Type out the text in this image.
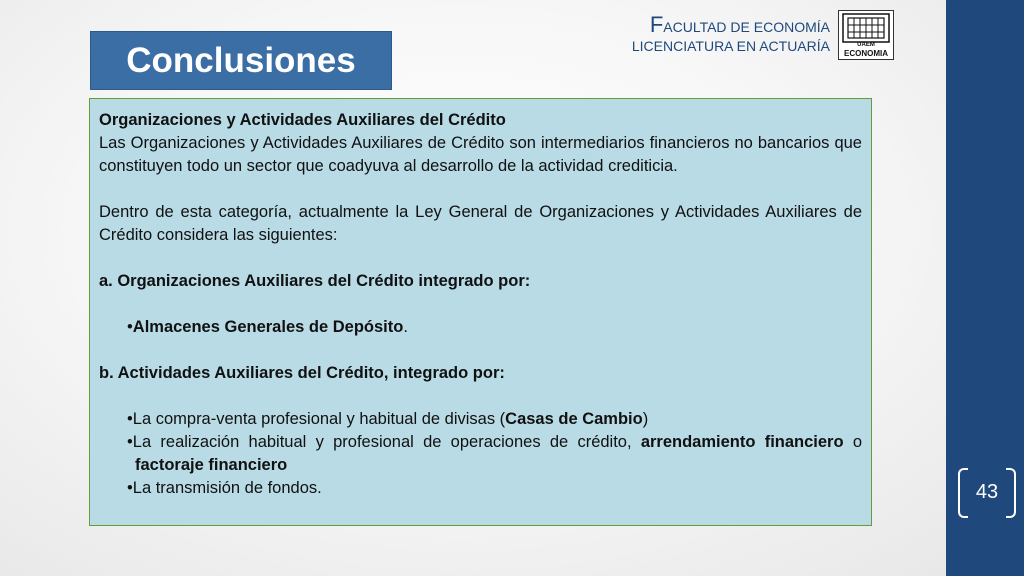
43
Conclusiones
FACULTAD DE ECONOMÍA
LICENCIATURA EN ACTUARÍA	UAEM
ECONOMIA

Organizaciones y Actividades Auxiliares del Crédito

Las Organizaciones y Actividades Auxiliares de Crédito son intermediarios financieros no bancarios que constituyen todo un sector que coadyuva al desarrollo de la actividad crediticia.

Dentro de esta categoría, actualmente la Ley General de Organizaciones y Actividades Auxiliares de Crédito considera las siguientes:

a. Organizaciones Auxiliares del Crédito integrado por:

•Almacenes Generales de Depósito.

b. Actividades Auxiliares del Crédito, integrado por:

•La compra-venta profesional y habitual de divisas (Casas de Cambio)

•La realización habitual y profesional de operaciones de crédito, arrendamiento financiero o factoraje financiero

•La transmisión de fondos.
